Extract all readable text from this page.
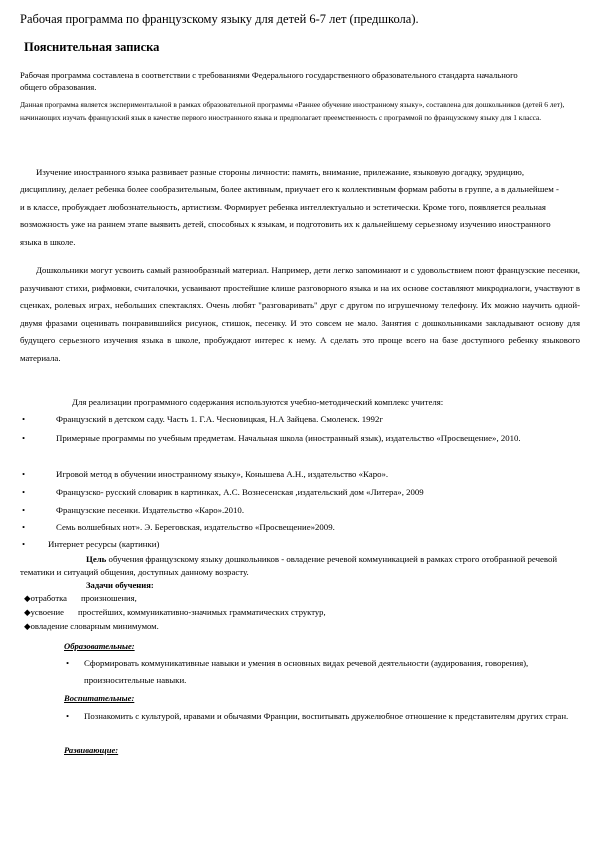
Рабочая программа по французскому языку для детей 6-7 лет (предшкола).
Пояснительная записка

Рабочая программа составлена в соответствии с требованиями Федерального государственного образовательного стандарта начального общего образования.

Данная программа является экспериментальной в рамках образовательной программы «Раннее обучение иностранному языку», составлена для дошкольников (детей 6 лет), начинающих изучать французский язык в качестве первого иностранного языка и предполагает преемственность с программой по французскому языку для 1 класса.

Изучение иностранного языка развивает разные стороны личности: память, внимание, прилежание, языковую догадку, эрудицию, дисциплину, делает ребенка более сообразительным, более активным, приучает его к коллективным формам работы в группе, а в дальнейшем - и в классе, пробуждает любознательность, артистизм. Формирует ребенка интеллектуально и эстетически. Кроме того, появляется реальная возможность уже на раннем этапе выявить детей, способных к языкам, и подготовить их к дальнейшему серьезному изучению иностранного языка в школе.

Дошкольники могут усвоить самый разнообразный материал. Например, дети легко запоминают и с удовольствием поют французские песенки, разучивают стихи, рифмовки, считалочки, усваивают простейшие клише разговорного языка и на их основе составляют микродиалоги, участвуют в сценках, ролевых играх, небольших спектаклях. Очень любят "разговаривать" друг с другом по игрушечному телефону. Их можно научить одной-двумя фразами оценивать понравившийся рисунок, стишок, песенку. И это совсем не мало. Занятия с дошкольниками закладывают основу для будущего серьезного изучения языка в школе, пробуждают интерес к нему. А сделать это проще всего на базе доступного ребенку языкового материала.

Для реализации программного содержания используются учебно-методический комплекс учителя:

•	Французский в детском саду. Часть 1. Г.А. Чесновицкая, Н.А Зайцева. Смоленск. 1992г
•	Примерные программы по учебным предметам. Начальная школа (иностранный язык), издательство «Просвещение», 2010.
•	Игровой метод в обучении иностранному языку», Конышева А.Н., издательство «Каро».
•	Французско- русский словарик в картинках, А.С. Вознесенская ,издательский дом «Литера», 2009
•	Французские песенки. Издательство «Каро».2010.
•	Семь волшебных нот». Э. Береговская, издательство «Просвещение»2009.
•	Интернет ресурсы (картинки)
Цель обучения французскому языку дошкольников - овладение речевой коммуникацией в рамках строго отобранной речевой тематики и ситуаций общения, доступных данному возрасту.
Задачи обучения:
◆отработка произношения,
◆усвоение простейших, коммуникативно-значимых грамматических структур,
◆овладение словарным минимумом.
Образовательные:
• Сформировать коммуникативные навыки и умения в основных видах речевой деятельности (аудирования, говорения), произносительные навыки.
Воспитательные:
• Познакомить с культурой, нравами и обычаями Франции, воспитывать дружелюбное отношение к представителям других стран.
Развивающие:
